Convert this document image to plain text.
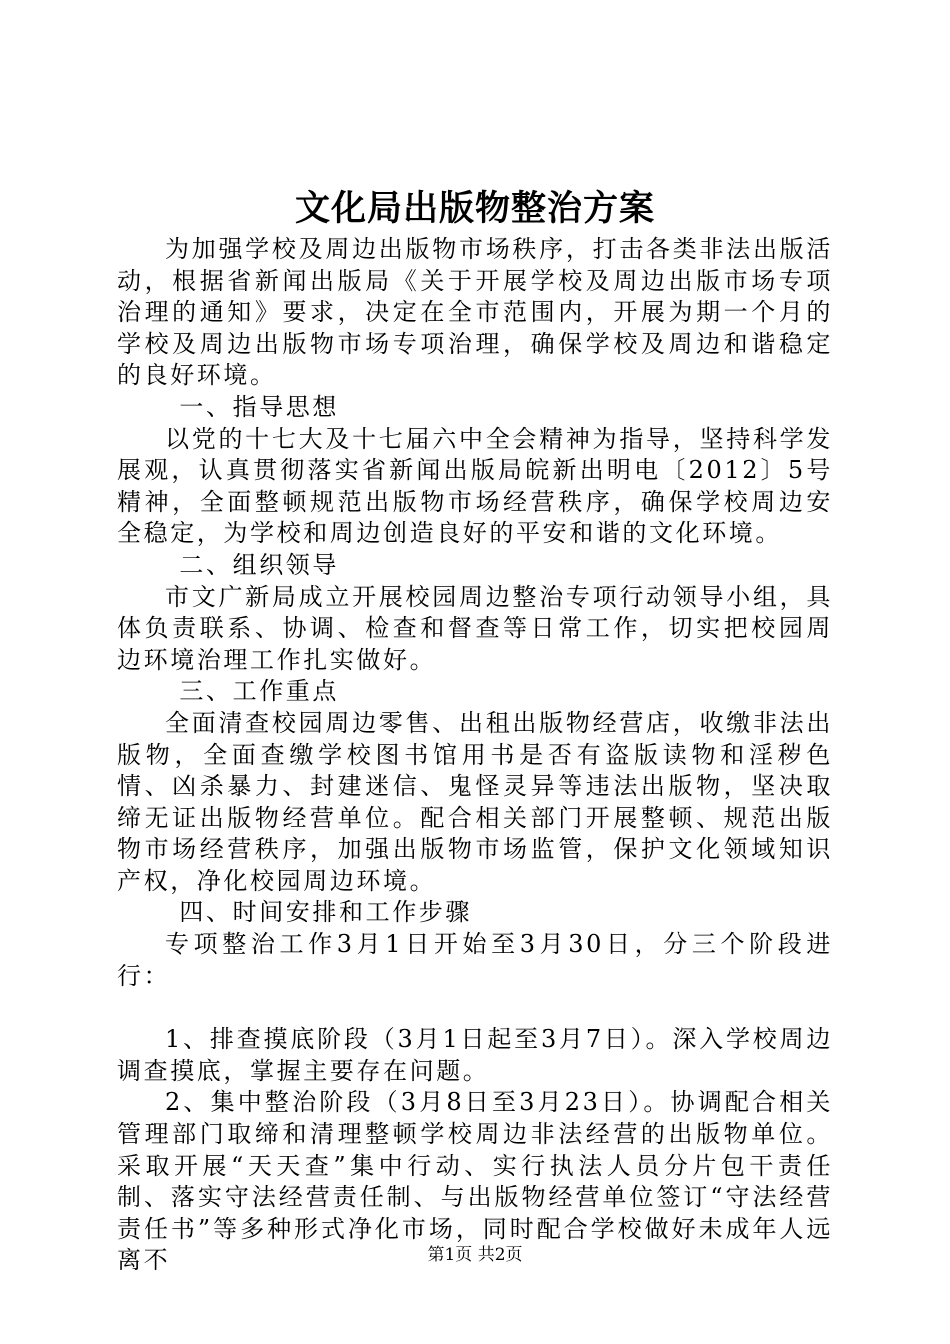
文化局出版物整治方案

为加强学校及周边出版物市场秩序，打击各类非法出版活动，根据省新闻出版局《关于开展学校及周边出版市场专项治理的通知》要求，决定在全市范围内，开展为期一个月的学校及周边出版物市场专项治理，确保学校及周边和谐稳定的良好环境。

一、指导思想

以党的十七大及十七届六中全会精神为指导，坚持科学发展观，认真贯彻落实省新闻出版局皖新出明电〔2012〕5号精神，全面整顿规范出版物市场经营秩序，确保学校周边安全稳定，为学校和周边创造良好的平安和谐的文化环境。

二、组织领导

市文广新局成立开展校园周边整治专项行动领导小组，具体负责联系、协调、检查和督查等日常工作，切实把校园周边环境治理工作扎实做好。

三、工作重点

全面清查校园周边零售、出租出版物经营店，收缴非法出版物，全面查缴学校图书馆用书是否有盗版读物和淫秽色情、凶杀暴力、封建迷信、鬼怪灵异等违法出版物，坚决取缔无证出版物经营单位。配合相关部门开展整顿、规范出版物市场经营秩序，加强出版物市场监管，保护文化领域知识产权，净化校园周边环境。

四、时间安排和工作步骤

专项整治工作3月1日开始至3月30日，分三个阶段进行：

1、排查摸底阶段（3月1日起至3月7日）。深入学校周边调查摸底，掌握主要存在问题。

2、集中整治阶段（3月8日至3月23日）。协调配合相关管理部门取缔和清理整顿学校周边非法经营的出版物单位。采取开展“天天查”集中行动、实行执法人员分片包干责任制、落实守法经营责任制、与出版物经营单位签订“守法经营责任书”等多种形式净化市场，同时配合学校做好未成年人远离不	第1页 共2页
